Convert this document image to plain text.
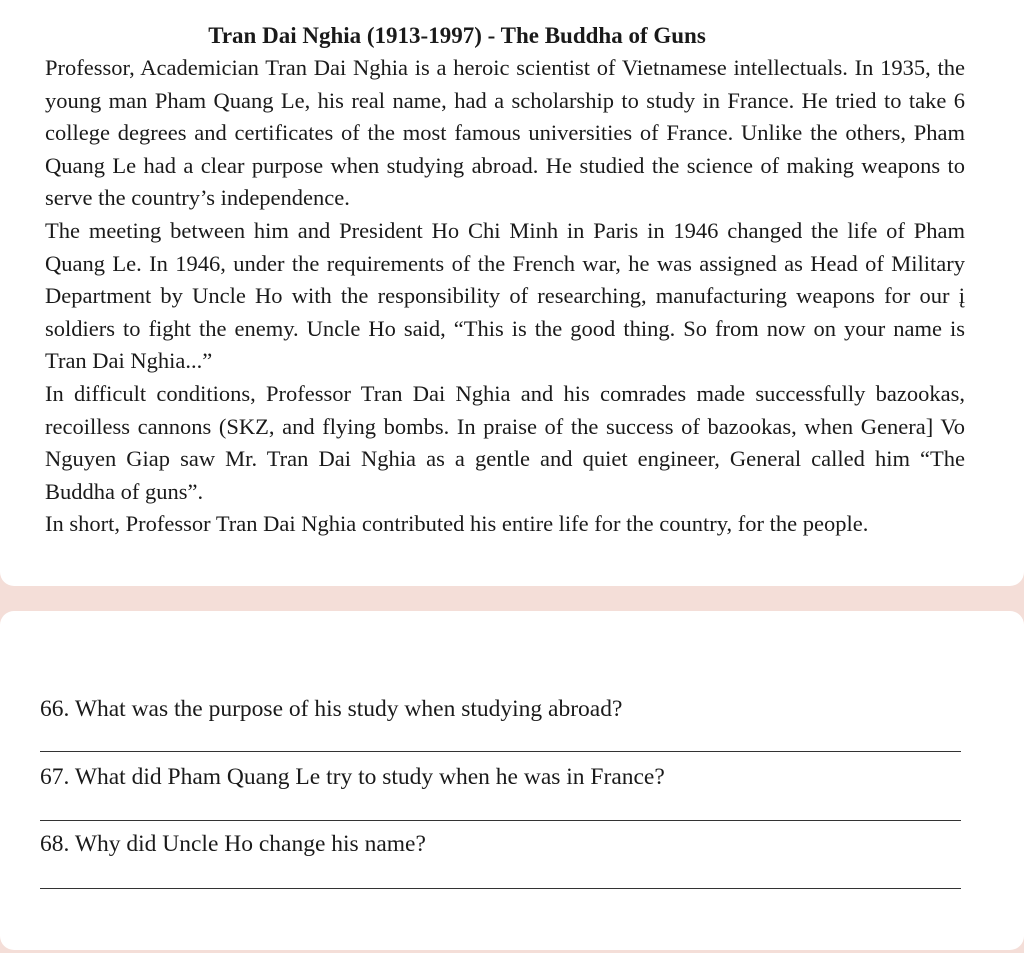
Tran Dai Nghia (1913-1997) - The Buddha of Guns

Professor, Academician Tran Dai Nghia is a heroic scientist of Vietnamese intellectuals. In 1935, the young man Pham Quang Le, his real name, had a scholarship to study in France. He tried to take 6 college degrees and certificates of the most famous universities of France. Unlike the others, Pham Quang Le had a clear purpose when studying abroad. He studied the science of making weapons to serve the country’s independence.

The meeting between him and President Ho Chi Minh in Paris in 1946 changed the life of Pham Quang Le. In 1946, under the requirements of the French war, he was assigned as Head of Military Department by Uncle Ho with the responsibility of researching, manufacturing weapons for our į soldiers to fight the enemy. Uncle Ho said, “This is the good thing. So from now on your name is Tran Dai Nghia...”

In difficult conditions, Professor Tran Dai Nghia and his comrades made successfully bazookas, recoilless cannons (SKZ, and flying bombs. In praise of the success of bazookas, when Genera] Vo Nguyen Giap saw Mr. Tran Dai Nghia as a gentle and quiet engineer, General called him “The Buddha of guns”.

In short, Professor Tran Dai Nghia contributed his entire life for the country, for the people.

66. What was the purpose of his study when studying abroad?
67. What did Pham Quang Le try to study when he was in France?
68. Why did Uncle Ho change his name?
